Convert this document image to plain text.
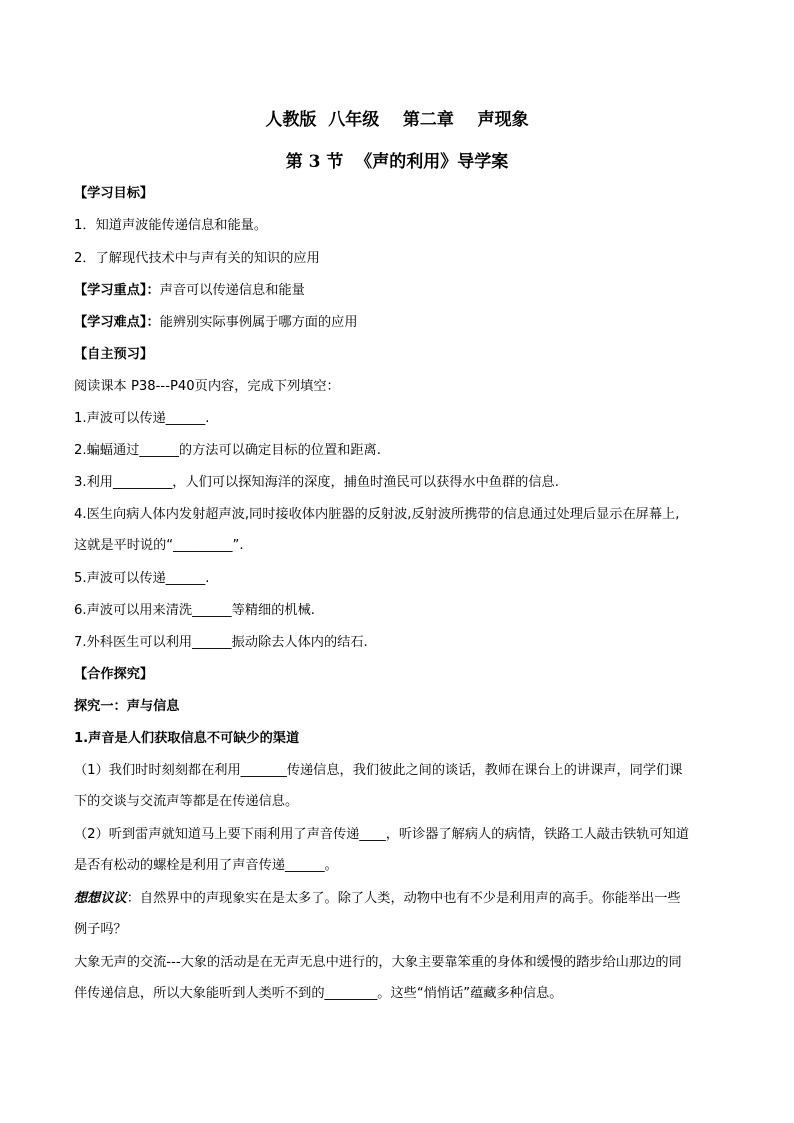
人教版  八年级    第二章    声现象
第 3 节  《声的利用》导学案
【学习目标】
1．知道声波能传递信息和能量。
2．了解现代技术中与声有关的知识的应用
【学习重点】：声音可以传递信息和能量
【学习难点】：能辨别实际事例属于哪方面的应用
【自主预习】
阅读课本 P38---P40页内容，完成下列填空：
1.声波可以传递______.
2.蝙蝠通过______的方法可以确定目标的位置和距离.
3.利用_________，人们可以探知海洋的深度，捕鱼时渔民可以获得水中鱼群的信息.
4.医生向病人体内发射超声波,同时接收体内脏器的反射波,反射波所携带的信息通过处理后显示在屏幕上,
这就是平时说的“_________”.
5.声波可以传递______.
6.声波可以用来清洗______等精细的机械.
7.外科医生可以利用______振动除去人体内的结石.
【合作探究】
探究一：声与信息
1.声音是人们获取信息不可缺少的渠道
（1）我们时时刻刻都在利用_______传递信息，我们彼此之间的谈话，教师在课台上的讲课声，同学们课
下的交谈与交流声等都是在传递信息。
（2）听到雷声就知道马上要下雨利用了声音传递____，听诊器了解病人的病情，铁路工人敲击铁轨可知道
是否有松动的螺栓是利用了声音传递______。
想想议议：自然界中的声现象实在是太多了。除了人类，动物中也有不少是利用声的高手。你能举出一些
例子吗？
大象无声的交流---大象的活动是在无声无息中进行的，大象主要靠笨重的身体和缓慢的踏步给山那边的同
伴传递信息，所以大象能听到人类听不到的________。这些“悄悄话”蕴藏多种信息。
